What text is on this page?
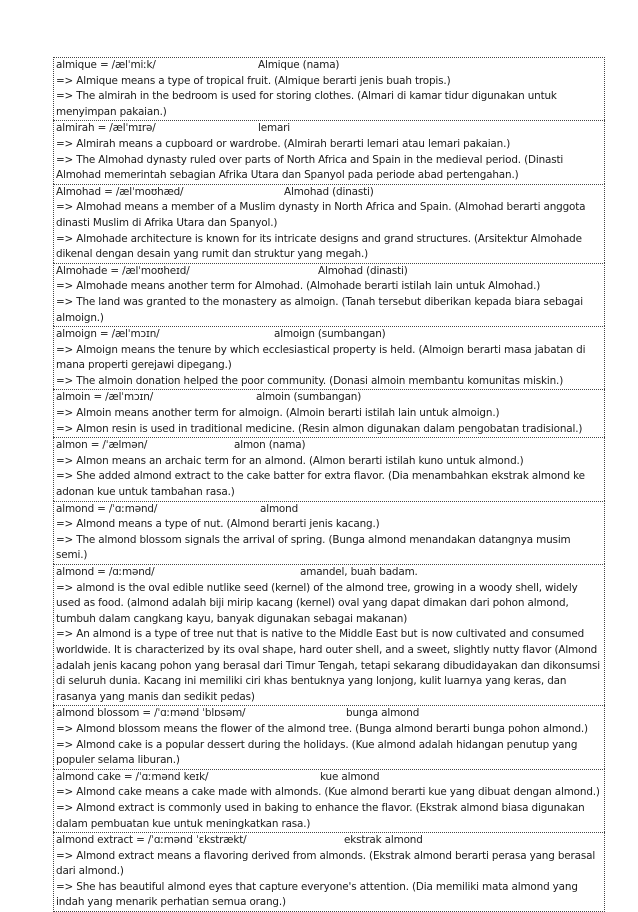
almique = /ælˈmiːk/	Almique (nama)
=> Almique means a type of tropical fruit. (Almique berarti jenis buah tropis.)
=> The almirah in the bedroom is used for storing clothes. (Almari di kamar tidur digunakan untuk menyimpan pakaian.)
almirah = /ælˈmɪrə/	lemari
=> Almirah means a cupboard or wardrobe. (Almirah berarti lemari atau lemari pakaian.)
=> The Almohad dynasty ruled over parts of North Africa and Spain in the medieval period. (Dinasti Almohad memerintah sebagian Afrika Utara dan Spanyol pada periode abad pertengahan.)
Almohad = /ælˈmoʊhæd/	Almohad (dinasti)
=> Almohad means a member of a Muslim dynasty in North Africa and Spain. (Almohad berarti anggota dinasti Muslim di Afrika Utara dan Spanyol.)
=> Almohade architecture is known for its intricate designs and grand structures. (Arsitektur Almohade dikenal dengan desain yang rumit dan struktur yang megah.)
Almohade = /ælˈmoʊheɪd/	Almohad (dinasti)
=> Almohade means another term for Almohad. (Almohade berarti istilah lain untuk Almohad.)
=> The land was granted to the monastery as almoign. (Tanah tersebut diberikan kepada biara sebagai almoign.)
almoign = /ælˈmɔɪn/	almoign (sumbangan)
=> Almoign means the tenure by which ecclesiastical property is held. (Almoign berarti masa jabatan di mana properti gerejawi dipegang.)
=> The almoin donation helped the poor community. (Donasi almoin membantu komunitas miskin.)
almoin = /ælˈmɔɪn/	almoin (sumbangan)
=> Almoin means another term for almoign. (Almoin berarti istilah lain untuk almoign.)
=> Almon resin is used in traditional medicine. (Resin almon digunakan dalam pengobatan tradisional.)
almon = /ˈælmən/	almon (nama)
=> Almon means an archaic term for an almond. (Almon berarti istilah kuno untuk almond.)
=> She added almond extract to the cake batter for extra flavor. (Dia menambahkan ekstrak almond ke adonan kue untuk tambahan rasa.)
almond = /ˈɑːmənd/	almond
=> Almond means a type of nut. (Almond berarti jenis kacang.)
=> The almond blossom signals the arrival of spring. (Bunga almond menandakan datangnya musim semi.)
almond = /ɑːmənd/	amandel, buah badam.
=> almond is the oval edible nutlike seed (kernel) of the almond tree, growing in a woody shell, widely used as food. (almond adalah biji mirip kacang (kernel) oval yang dapat dimakan dari pohon almond, tumbuh dalam cangkang kayu, banyak digunakan sebagai makanan)
=> An almond is a type of tree nut that is native to the Middle East but is now cultivated and consumed worldwide. It is characterized by its oval shape, hard outer shell, and a sweet, slightly nutty flavor (Almond adalah jenis kacang pohon yang berasal dari Timur Tengah, tetapi sekarang dibudidayakan dan dikonsumsi di seluruh dunia. Kacang ini memiliki ciri khas bentuknya yang lonjong, kulit luarnya yang keras, dan rasanya yang manis dan sedikit pedas)
almond blossom = /ˈɑːmənd ˈblɒsəm/	bunga almond
=> Almond blossom means the flower of the almond tree. (Bunga almond berarti bunga pohon almond.)
=> Almond cake is a popular dessert during the holidays. (Kue almond adalah hidangan penutup yang populer selama liburan.)
almond cake = /ˈɑːmənd keɪk/	kue almond
=> Almond cake means a cake made with almonds. (Kue almond berarti kue yang dibuat dengan almond.)
=> Almond extract is commonly used in baking to enhance the flavor. (Ekstrak almond biasa digunakan dalam pembuatan kue untuk meningkatkan rasa.)
almond extract = /ˈɑːmənd ˈɛkstrækt/	ekstrak almond
=> Almond extract means a flavoring derived from almonds. (Ekstrak almond berarti perasa yang berasal dari almond.)
=> She has beautiful almond eyes that capture everyone's attention. (Dia memiliki mata almond yang indah yang menarik perhatian semua orang.)
